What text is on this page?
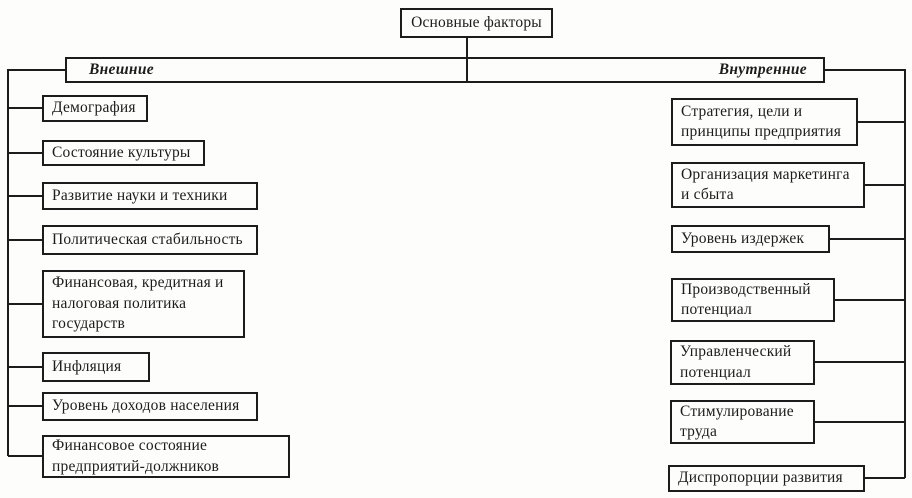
Основные факторы
Внешние	Внутренние
Демография
Состояние культуры
Развитие науки и техники
Политическая стабильность
Финансовая, кредитная и налоговая политика государств
Инфляция
Уровень доходов населения
Финансовое состояние предприятий-должников
Стратегия, цели и принципы предприятия
Организация маркетинга и сбыта
Уровень издержек
Производственный потенциал
Управленческий потенциал
Стимулирование труда
Диспропорции развития
